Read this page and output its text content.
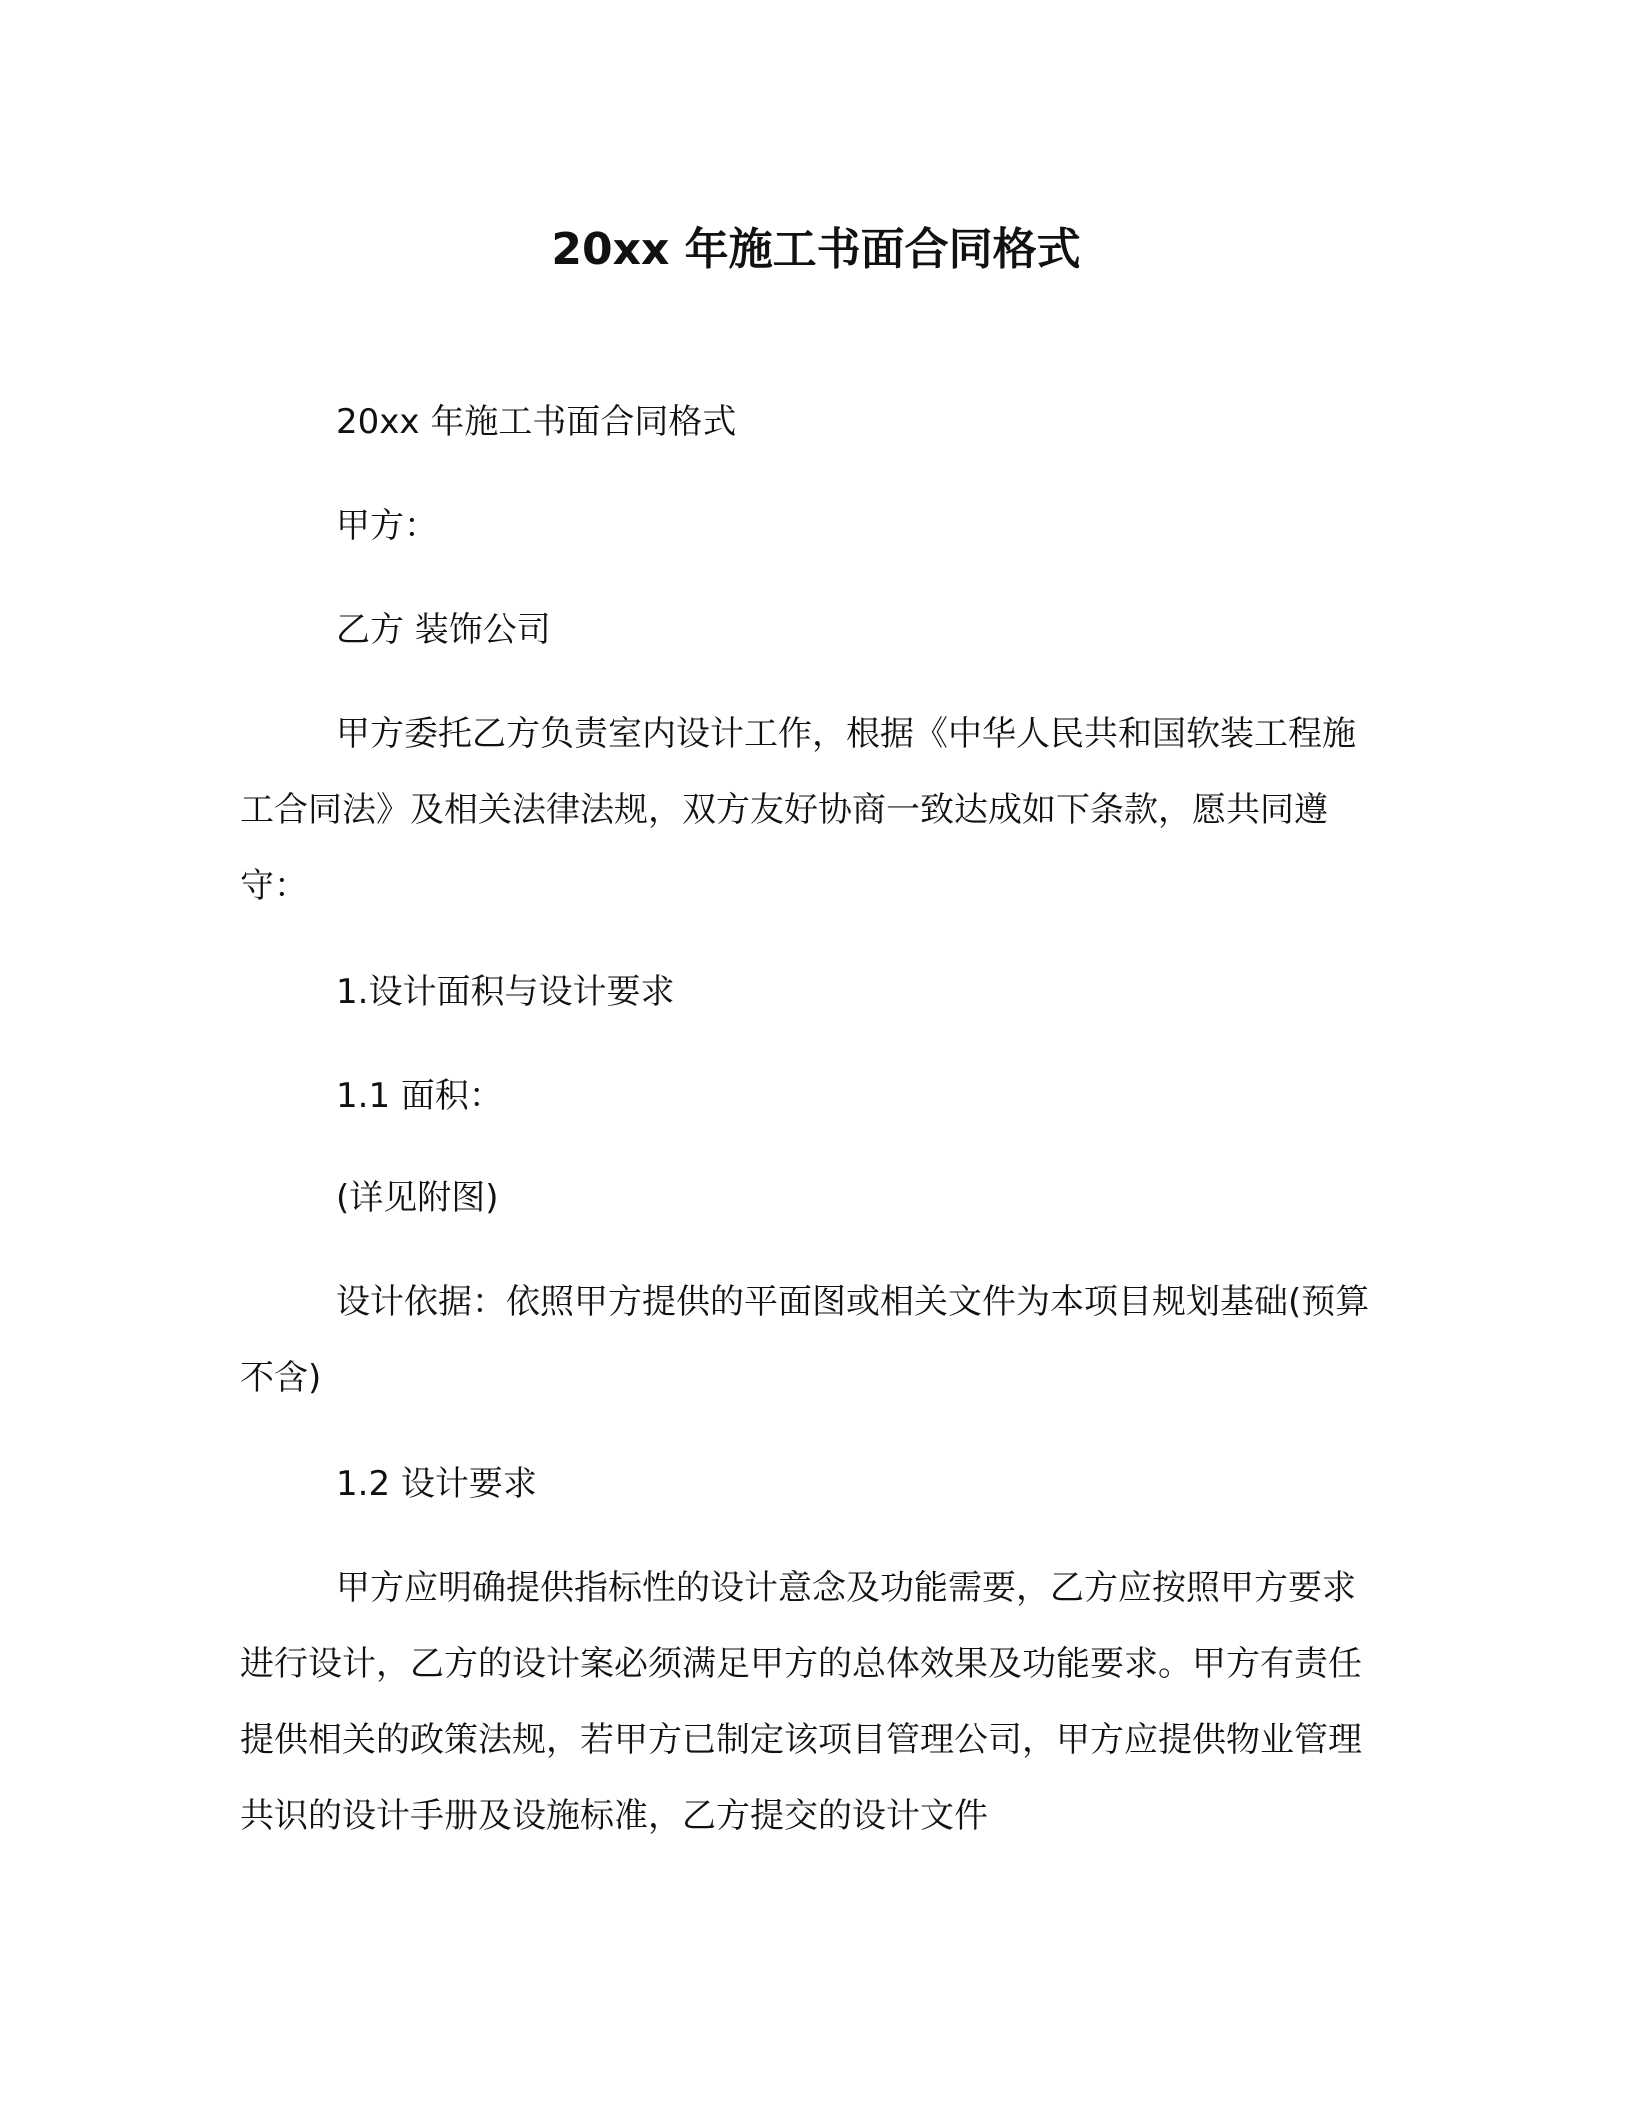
20xx 年施工书面合同格式

20xx 年施工书面合同格式

甲方：

乙方 装饰公司

甲方委托乙方负责室内设计工作，根据《中华人民共和国软装工程施工合同法》及相关法律法规，双方友好协商一致达成如下条款，愿共同遵守：

1.设计面积与设计要求

1.1 面积：

(详见附图)

设计依据：依照甲方提供的平面图或相关文件为本项目规划基础(预算不含)

1.2 设计要求

甲方应明确提供指标性的设计意念及功能需要，乙方应按照甲方要求进行设计，乙方的设计案必须满足甲方的总体效果及功能要求。甲方有责任提供相关的政策法规，若甲方已制定该项目管理公司，甲方应提供物业管理共识的设计手册及设施标准，乙方提交的设计文件
